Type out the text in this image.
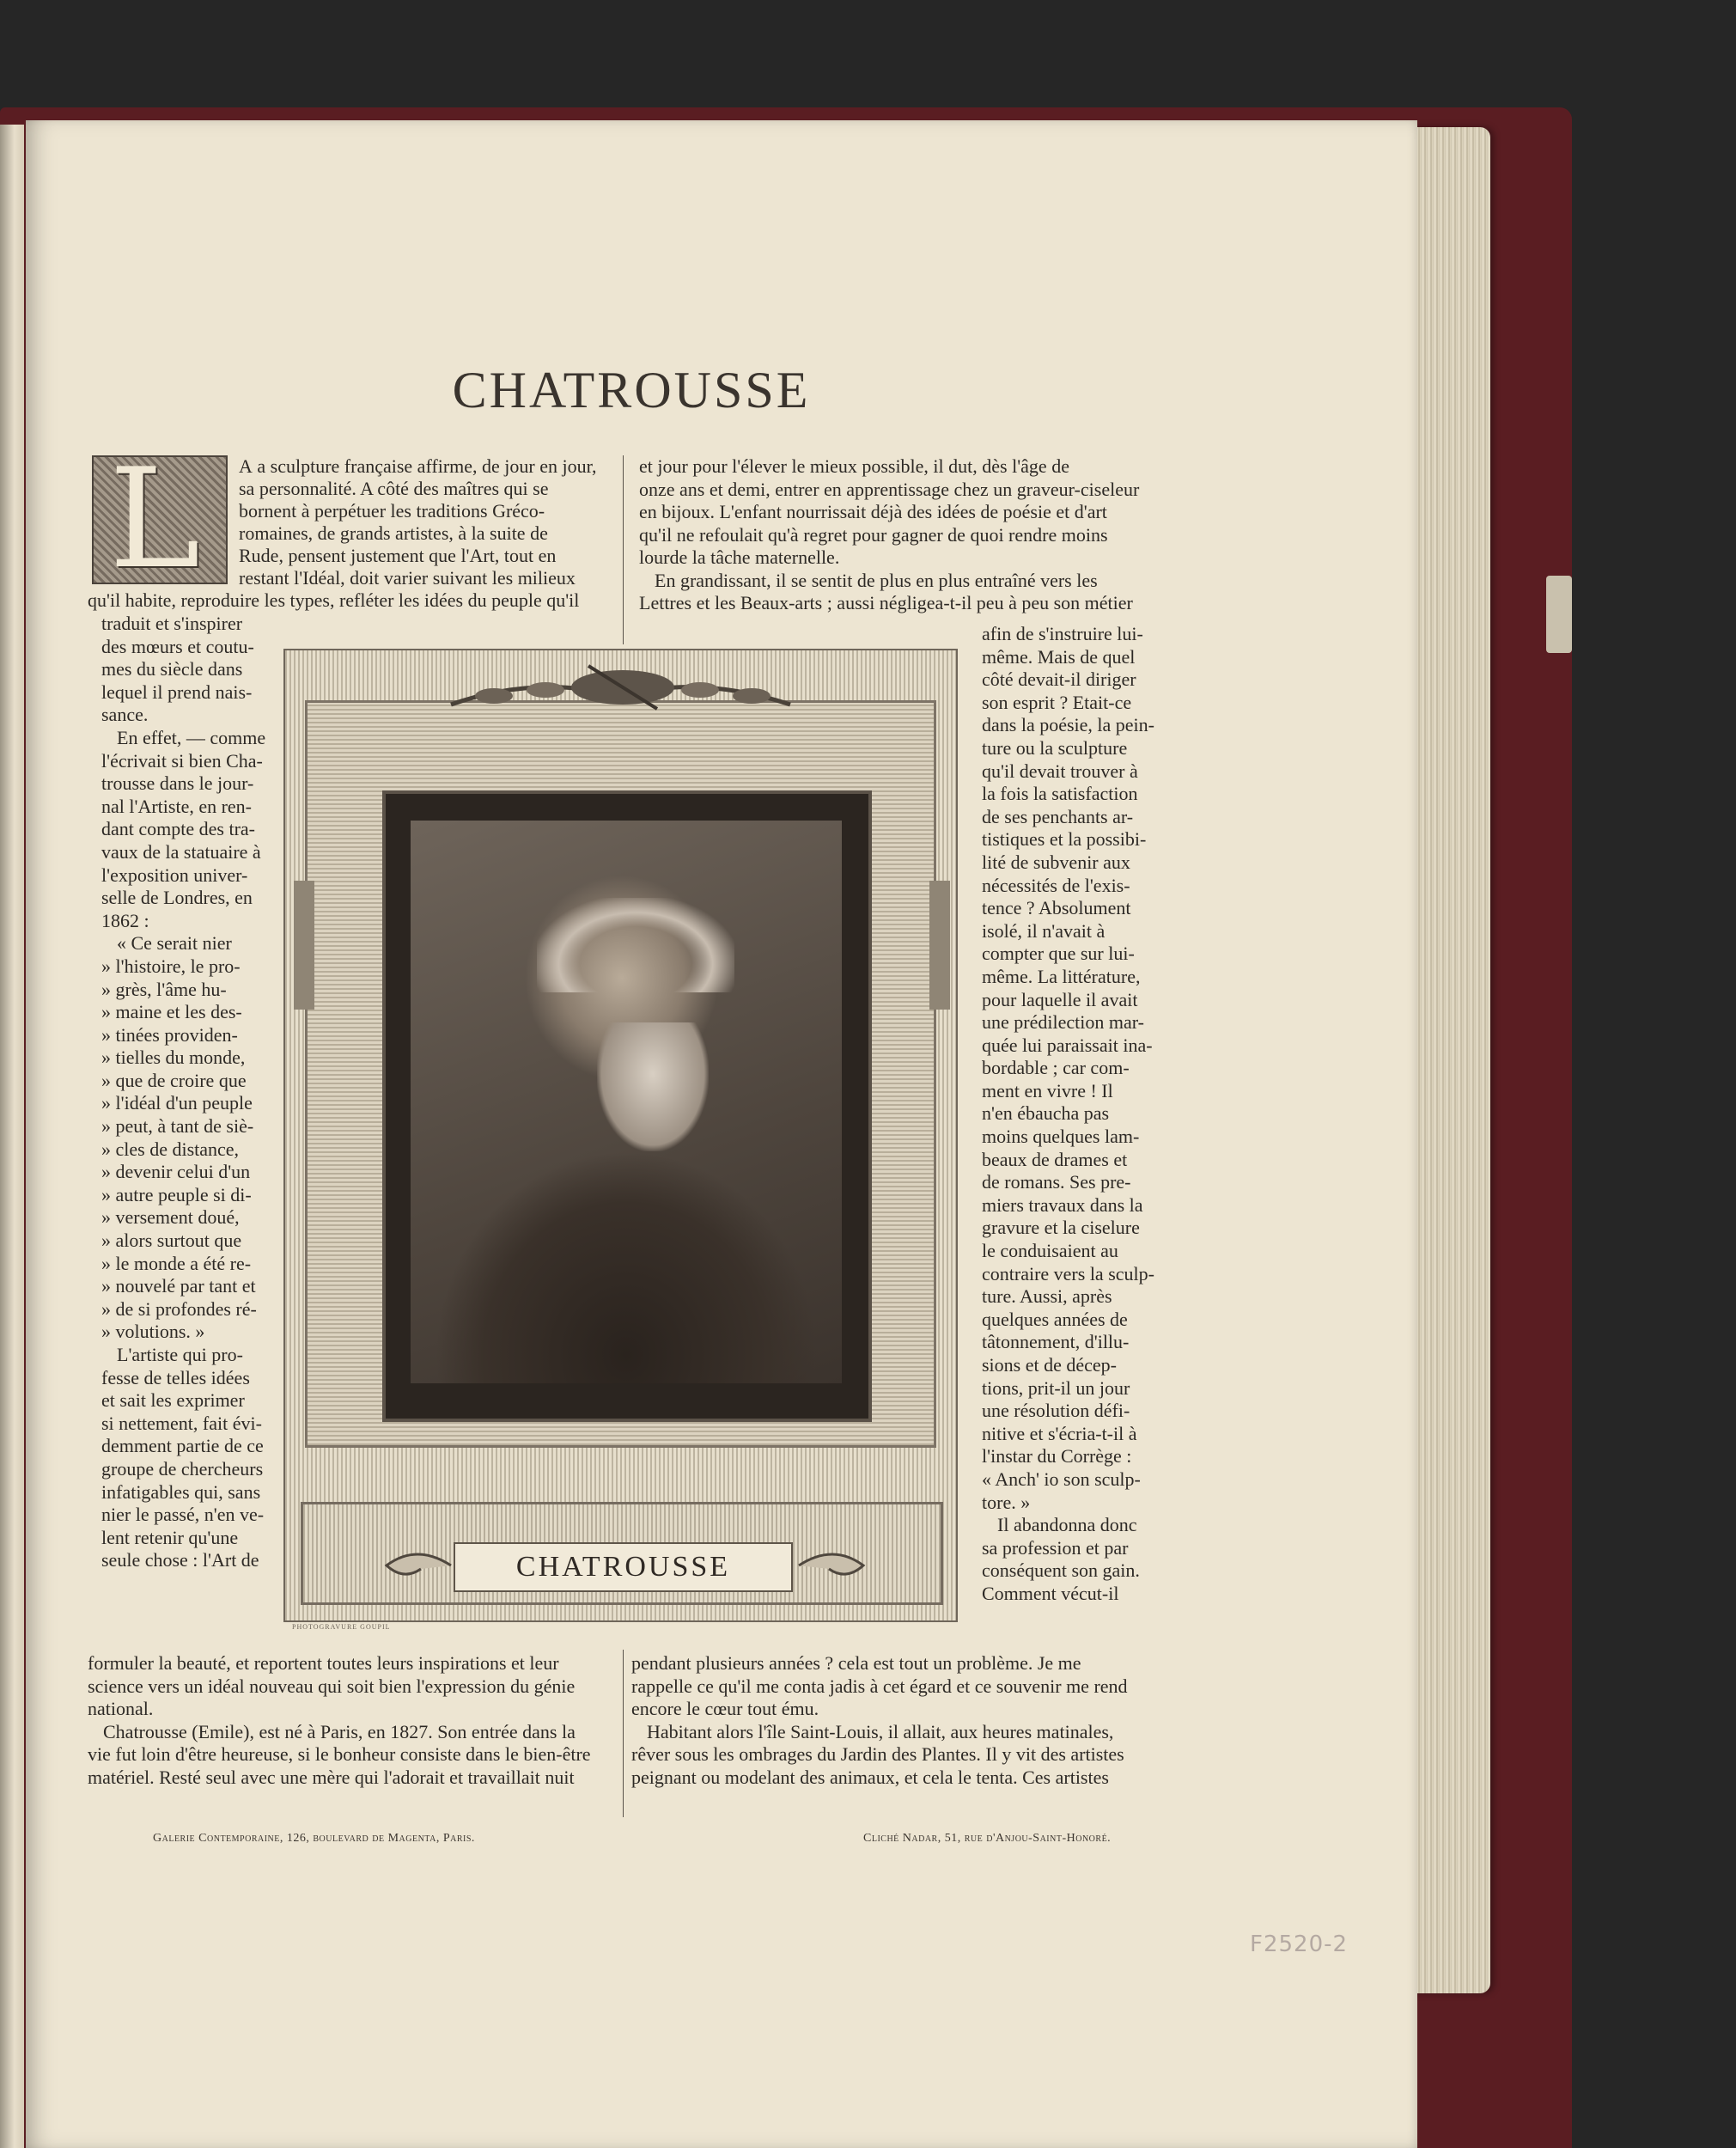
CHATROUSSE
L A a sculpture française affirme, de jour en jour,

sa personnalité. A côté des maîtres qui se

bornent à perpétuer les traditions Gréco-

romaines, de grands artistes, à la suite de

Rude, pensent justement que l'Art, tout en

restant l'Idéal, doit varier suivant les milieux

qu'il habite, reproduire les types, refléter les idées du peuple qu'il

et jour pour l'élever le mieux possible, il dut, dès l'âge de

onze ans et demi, entrer en apprentissage chez un graveur-ciseleur

en bijoux. L'enfant nourrissait déjà des idées de poésie et d'art

qu'il ne refoulait qu'à regret pour gagner de quoi rendre moins

lourde la tâche maternelle.

En grandissant, il se sentit de plus en plus entraîné vers les

Lettres et les Beaux-arts ; aussi négligea-t-il peu à peu son métier

traduit et s'inspirer

des mœurs et coutu-

mes du siècle dans

lequel il prend nais-

sance.

En effet, — comme

l'écrivait si bien Cha-

trousse dans le jour-

nal l'Artiste, en ren-

dant compte des tra-

vaux de la statuaire à

l'exposition univer-

selle de Londres, en

1862 :

« Ce serait nier

» l'histoire, le pro-

» grès, l'âme hu-

» maine et les des-

» tinées providen-

» tielles du monde,

» que de croire que

» l'idéal d'un peuple

» peut, à tant de siè-

» cles de distance,

» devenir celui d'un

» autre peuple si di-

» versement doué,

» alors surtout que

» le monde a été re-

» nouvelé par tant et

» de si profondes ré-

» volutions. »

L'artiste qui pro-

fesse de telles idées

et sait les exprimer

si nettement, fait évi-

demment partie de ce

groupe de chercheurs

infatigables qui, sans

nier le passé, n'en ve-

lent retenir qu'une

seule chose : l'Art de

afin de s'instruire lui-

même. Mais de quel

côté devait-il diriger

son esprit ? Etait-ce

dans la poésie, la pein-

ture ou la sculpture

qu'il devait trouver à

la fois la satisfaction

de ses penchants ar-

tistiques et la possibi-

lité de subvenir aux

nécessités de l'exis-

tence ? Absolument

isolé, il n'avait à

compter que sur lui-

même. La littérature,

pour laquelle il avait

une prédilection mar-

quée lui paraissait ina-

bordable ; car com-

ment en vivre ! Il

n'en ébaucha pas

moins quelques lam-

beaux de drames et

de romans. Ses pre-

miers travaux dans la

gravure et la ciselure

le conduisaient au

contraire vers la sculp-

ture. Aussi, après

quelques années de

tâtonnement, d'illu-

sions et de décep-

tions, prit-il un jour

une résolution défi-

nitive et s'écria-t-il à

l'instar du Corrège :

« Anch' io son sculp-

tore. »

Il abandonna donc

sa profession et par

conséquent son gain.

Comment vécut-il

formuler la beauté, et reportent toutes leurs inspirations et leur

science vers un idéal nouveau qui soit bien l'expression du génie

national.

Chatrousse (Emile), est né à Paris, en 1827. Son entrée dans la

vie fut loin d'être heureuse, si le bonheur consiste dans le bien-être

matériel. Resté seul avec une mère qui l'adorait et travaillait nuit

pendant plusieurs années ? cela est tout un problème. Je me

rappelle ce qu'il me conta jadis à cet égard et ce souvenir me rend

encore le cœur tout ému.

Habitant alors l'île Saint-Louis, il allait, aux heures matinales,

rêver sous les ombrages du Jardin des Plantes. Il y vit des artistes

peignant ou modelant des animaux, et cela le tenta. Ces artistes

CHATROUSSE
PHOTOGRAVURE GOUPIL
Galerie Contemporaine, 126, boulevard de Magenta, Paris.	Cliché Nadar, 51, rue d'Anjou-Saint-Honoré.
F2520-2
